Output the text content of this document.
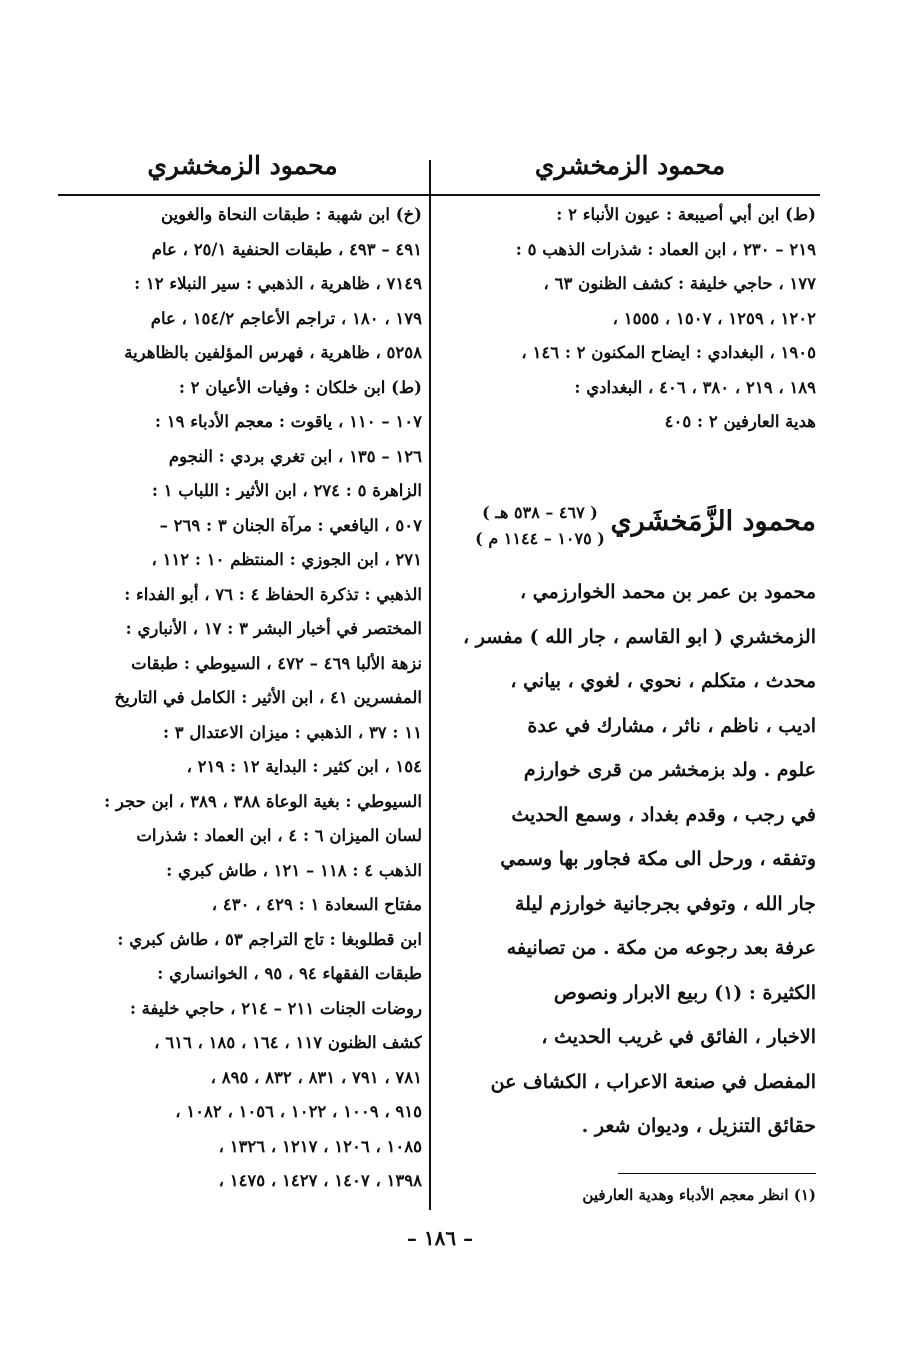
محمود الزمخشري
محمود الزمخشري
(ط) ابن أبي أصيبعة : عيون الأنباء ٢ :
٢١٩ – ٢٣٠ ، ابن العماد : شذرات الذهب ٥ :
١٧٧ ، حاجي خليفة : كشف الظنون ٦٣ ،
١٢٠٢ ، ١٢٥٩ ، ١٥٠٧ ، ١٥٥٥ ،
١٩٠٥ ، البغدادي : ايضاح المكنون ٢ : ١٤٦ ،
١٨٩ ، ٢١٩ ، ٣٨٠ ، ٤٠٦ ، البغدادي :
هدية العارفين ٢ : ٤٠٥
محمود الزَّمَخشَري
( ٤٦٧ – ٥٣٨ هـ )
( ١٠٧٥ – ١١٤٤ م )
محمود بن عمر بن محمد الخوارزمي ،
الزمخشري ( ابو القاسم ، جار الله ) مفسر ،
محدث ، متكلم ، نحوي ، لغوي ، بياني ،
اديب ، ناظم ، ناثر ، مشارك في عدة
علوم . ولد بزمخشر من قرى خوارزم
في رجب ، وقدم بغداد ، وسمع الحديث
وتفقه ، ورحل الى مكة فجاور بها وسمي
جار الله ، وتوفي بجرجانية خوارزم ليلة
عرفة بعد رجوعه من مكة . من تصانيفه
الكثيرة : (١) ربيع الابرار ونصوص
الاخبار ، الفائق في غريب الحديث ،
المفصل في صنعة الاعراب ، الكشاف عن
حقائق التنزيل ، وديوان شعر .
(١) انظر معجم الأدباء وهدية العارفين
(خ) ابن شهبة : طبقات النحاة والغوين
٤٩١ – ٤٩٣ ، طبقات الحنفية ٢٥/١ ، عام
٧١٤٩ ، ظاهرية ، الذهبي : سير النبلاء ١٢ :
١٧٩ ، ١٨٠ ، تراجم الأعاجم ١٥٤/٢ ، عام
٥٢٥٨ ، ظاهرية ، فهرس المؤلفين بالظاهرية
(ط) ابن خلكان : وفيات الأعيان ٢ :
١٠٧ – ١١٠ ، ياقوت : معجم الأدباء ١٩ :
١٢٦ – ١٣٥ ، ابن تغري بردي : النجوم
الزاهرة ٥ : ٢٧٤ ، ابن الأثير : اللباب ١ :
٥٠٧ ، اليافعي : مرآة الجنان ٣ : ٢٦٩ –
٢٧١ ، ابن الجوزي : المنتظم ١٠ : ١١٢ ،
الذهبي : تذكرة الحفاظ ٤ : ٧٦ ، أبو الفداء :
المختصر في أخبار البشر ٣ : ١٧ ، الأنباري :
نزهة الألبا ٤٦٩ – ٤٧٢ ، السيوطي : طبقات
المفسرين ٤١ ، ابن الأثير : الكامل في التاريخ
١١ : ٣٧ ، الذهبي : ميزان الاعتدال ٣ :
١٥٤ ، ابن كثير : البداية ١٢ : ٢١٩ ،
السيوطي : بغية الوعاة ٣٨٨ ، ٣٨٩ ، ابن حجر :
لسان الميزان ٦ : ٤ ، ابن العماد : شذرات
الذهب ٤ : ١١٨ – ١٢١ ، طاش كبري :
مفتاح السعادة ١ : ٤٢٩ ، ٤٣٠ ،
ابن قطلوبغا : تاج التراجم ٥٣ ، طاش كبري :
طبقات الفقهاء ٩٤ ، ٩٥ ، الخوانساري :
روضات الجنات ٢١١ – ٢١٤ ، حاجي خليفة :
كشف الظنون ١١٧ ، ١٦٤ ، ١٨٥ ، ٦١٦ ،
٧٨١ ، ٧٩١ ، ٨٣١ ، ٨٣٢ ، ٨٩٥ ،
٩١٥ ، ١٠٠٩ ، ١٠٢٢ ، ١٠٥٦ ، ١٠٨٢ ،
١٠٨٥ ، ١٢٠٦ ، ١٢١٧ ، ١٣٢٦ ،
١٣٩٨ ، ١٤٠٧ ، ١٤٢٧ ، ١٤٧٥ ،
– ١٨٦ –
